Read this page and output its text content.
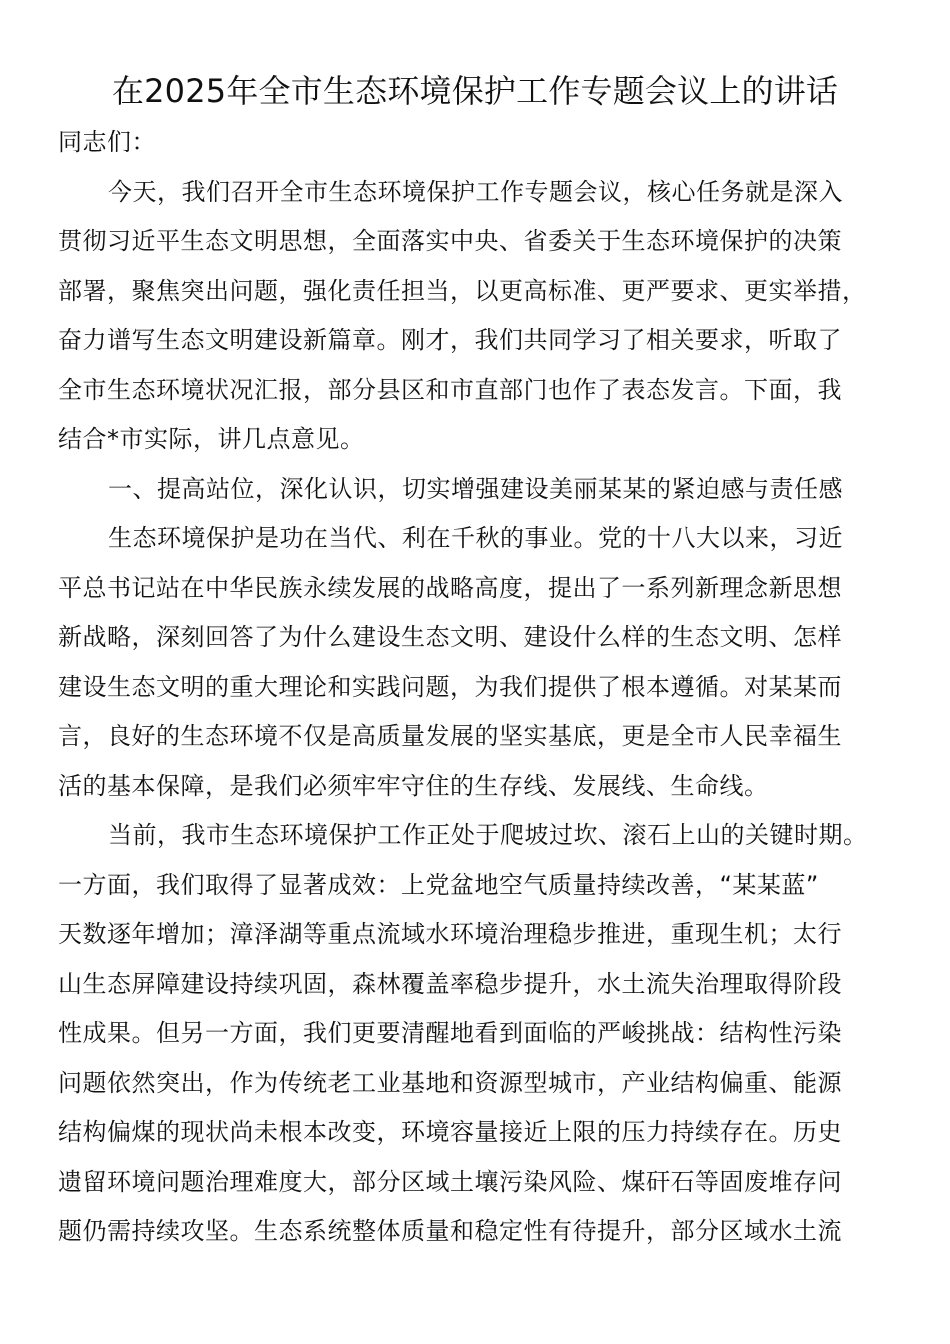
在2025年全市生态环境保护工作专题会议上的讲话
同志们：
今天，我们召开全市生态环境保护工作专题会议，核心任务就是深入
贯彻习近平生态文明思想，全面落实中央、省委关于生态环境保护的决策
部署，聚焦突出问题，强化责任担当，以更高标准、更严要求、更实举措，
奋力谱写生态文明建设新篇章。刚才，我们共同学习了相关要求，听取了
全市生态环境状况汇报，部分县区和市直部门也作了表态发言。下面，我
结合*市实际，讲几点意见。
一、提高站位，深化认识，切实增强建设美丽某某的紧迫感与责任感
生态环境保护是功在当代、利在千秋的事业。党的十八大以来，习近
平总书记站在中华民族永续发展的战略高度，提出了一系列新理念新思想
新战略，深刻回答了为什么建设生态文明、建设什么样的生态文明、怎样
建设生态文明的重大理论和实践问题，为我们提供了根本遵循。对某某而
言，良好的生态环境不仅是高质量发展的坚实基底，更是全市人民幸福生
活的基本保障，是我们必须牢牢守住的生存线、发展线、生命线。
当前，我市生态环境保护工作正处于爬坡过坎、滚石上山的关键时期。
一方面，我们取得了显著成效：上党盆地空气质量持续改善，“某某蓝”
天数逐年增加；漳泽湖等重点流域水环境治理稳步推进，重现生机；太行
山生态屏障建设持续巩固，森林覆盖率稳步提升，水土流失治理取得阶段
性成果。但另一方面，我们更要清醒地看到面临的严峻挑战：结构性污染
问题依然突出，作为传统老工业基地和资源型城市，产业结构偏重、能源
结构偏煤的现状尚未根本改变，环境容量接近上限的压力持续存在。历史
遗留环境问题治理难度大，部分区域土壤污染风险、煤矸石等固废堆存问
题仍需持续攻坚。生态系统整体质量和稳定性有待提升，部分区域水土流
